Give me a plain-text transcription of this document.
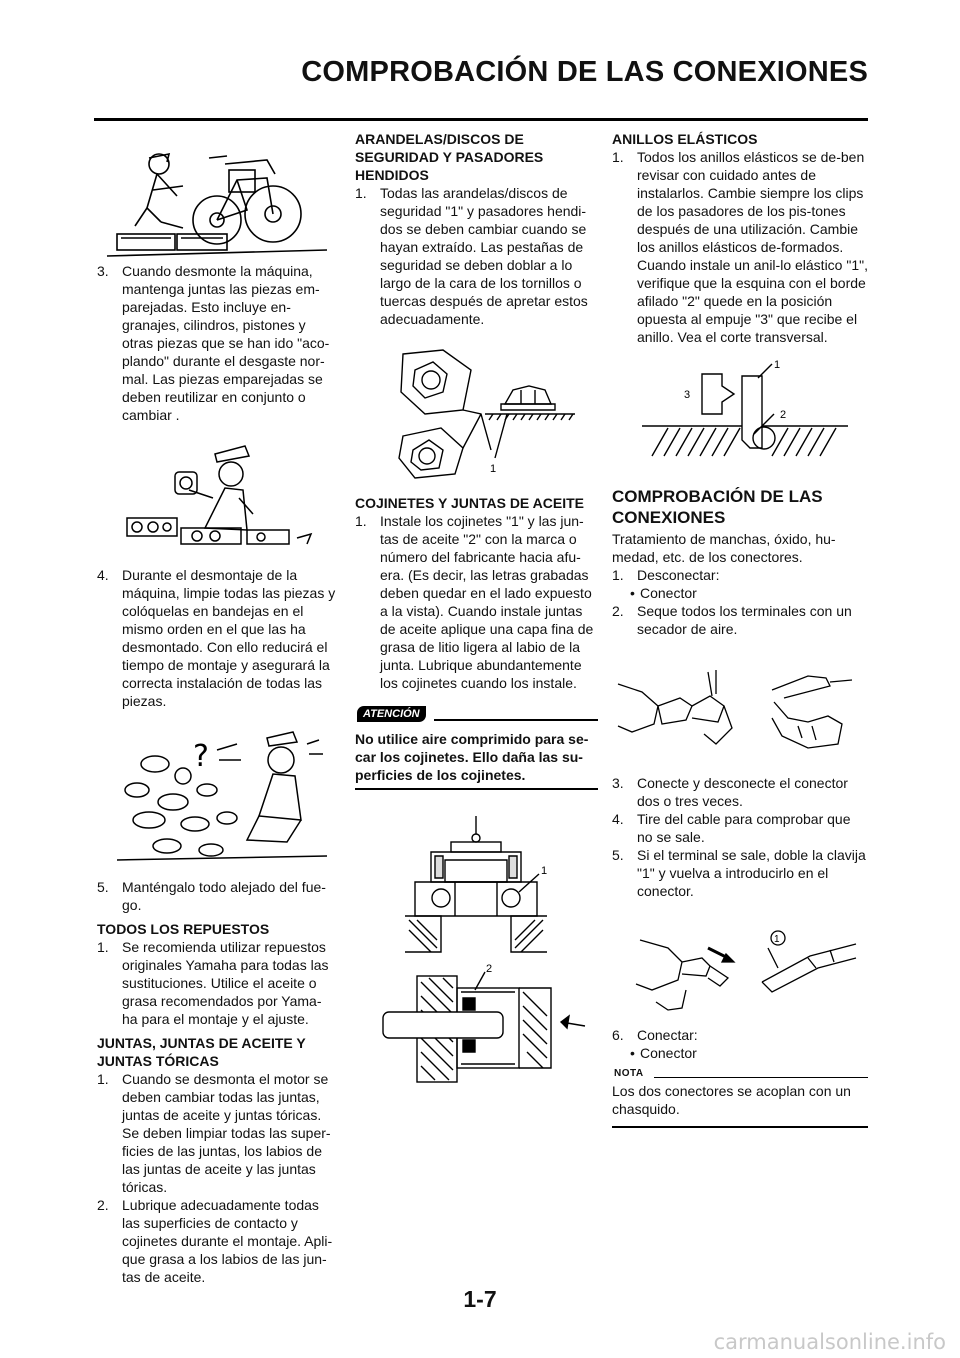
COMPROBACIÓN DE LAS CONEXIONES

3. Cuando desmonte la máquina, mantenga juntas las piezas em-parejadas. Esto incluye en-granajes, cilindros, pistones y otras piezas que se han ido "aco-plando" durante el desgaste nor-mal. Las piezas emparejadas se deben reutilizar en conjunto o cambiar .

4. Durante el desmontaje de la máquina, limpie todas las piezas y colóquelas en bandejas en el mismo orden en el que las ha desmontado. Con ello reducirá el tiempo de montaje y asegurará la correcta instalación de todas las piezas.

?

5. Manténgalo todo alejado del fue-go.

TODOS LOS REPUESTOS

1. Se recomienda utilizar repuestos originales Yamaha para todas las sustituciones. Utilice el aceite o grasa recomendados por Yama-ha para el montaje y el ajuste.

JUNTAS, JUNTAS DE ACEITE Y JUNTAS TÓRICAS

1. Cuando se desmonta el motor se deben cambiar todas las juntas, juntas de aceite y juntas tóricas. Se deben limpiar todas las super-ficies de las juntas, los labios de las juntas de aceite y las juntas tóricas.

2. Lubrique adecuadamente todas las superficies de contacto y cojinetes durante el montaje. Apli-que grasa a los labios de las jun-tas de aceite.

ARANDELAS/DISCOS DE SEGURIDAD Y PASADORES HENDIDOS

1. Todas las arandelas/discos de seguridad "1" y pasadores hendi-dos se deben cambiar cuando se hayan extraído. Las pestañas de seguridad se deben doblar a lo largo de la cara de los tornillos o tuercas después de apretar estos adecuadamente.

1

COJINETES Y JUNTAS DE ACEITE

1. Instale los cojinetes "1" y las jun-tas de aceite "2" con la marca o número del fabricante hacia afu-era. (Es decir, las letras grabadas deben quedar en el lado expuesto a la vista). Cuando instale juntas de aceite aplique una capa fina de grasa de litio ligera al labio de la junta. Lubrique abundantemente los cojinetes cuando los instale.

ATENCIÓN

No utilice aire comprimido para se-car los cojinetes. Ello daña las su-perficies de los cojinetes.

1
2

ANILLOS ELÁSTICOS

1. Todos los anillos elásticos se de-ben revisar con cuidado antes de instalarlos. Cambie siempre los clips de los pasadores de los pis-tones después de una utilización. Cambie los anillos elásticos de-formados. Cuando instale un anil-lo elástico "1", verifique que la esquina con el borde afilado "2" quede en la posición opuesta al empuje "3" que recibe el anillo. Vea el corte transversal.

1
2
3

COMPROBACIÓN DE LAS CONEXIONES

Tratamiento de manchas, óxido, hu-medad, etc. de los conectores.

1. Desconectar:

• Conector

2. Seque todos los terminales con un secador de aire.

3. Conecte y desconecte el conector dos o tres veces.

4. Tire del cable para comprobar que no se sale.

5. Si el terminal se sale, doble la clavija "1" y vuelva a introducirlo en el conector.

1

6. Conectar:

• Conector

NOTA

Los dos conectores se acoplan con un chasquido.

1-7
carmanualsonline.info
